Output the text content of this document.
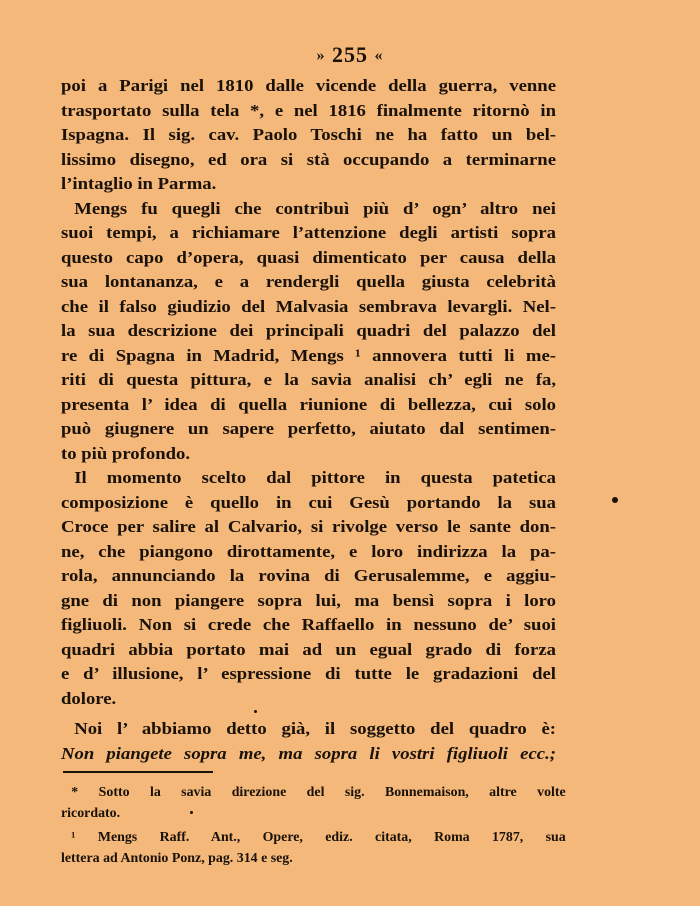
» 255 «
poi a Parigi nel 1810 dalle vicende della guerra, venne
trasportato sulla tela *, e nel 1816 finalmente ritornò in
Ispagna. Il sig. cav. Paolo Toschi ne ha fatto un bel-
lissimo disegno, ed ora si stà occupando a terminarne
l’intaglio in Parma.
Mengs fu quegli che contribuì più d’ ogn’ altro nei
suoi tempi, a richiamare l’attenzione degli artisti sopra
questo capo d’opera, quasi dimenticato per causa della
sua lontananza, e a rendergli quella giusta celebrità
che il falso giudizio del Malvasia sembrava levargli. Nel-
la sua descrizione dei principali quadri del palazzo del
re di Spagna in Madrid, Mengs ¹ annovera tutti li me-
riti di questa pittura, e la savia analisi ch’ egli ne fa,
presenta l’ idea di quella riunione di bellezza, cui solo
può giugnere un sapere perfetto, aiutato dal sentimen-
to più profondo.
Il momento scelto dal pittore in questa patetica
composizione è quello in cui Gesù portando la sua
Croce per salire al Calvario, si rivolge verso le sante don-
ne, che piangono dirottamente, e loro indirizza la pa-
rola, annunciando la rovina di Gerusalemme, e aggiu-
gne di non piangere sopra lui, ma bensì sopra i loro
figliuoli. Non si crede che Raffaello in nessuno de’ suoi
quadri abbia portato mai ad un egual grado di forza
e d’ illusione, l’ espressione di tutte le gradazioni del
dolore.
Noi l’ abbiamo detto già, il soggetto del quadro è:
Non piangete sopra me, ma sopra li vostri figliuoli ecc.;
* Sotto la savia direzione del sig. Bonnemaison, altre volte
ricordato.
¹ Mengs Raff. Ant., Opere, ediz. citata, Roma 1787, sua
lettera ad Antonio Ponz, pag. 314 e seg.
